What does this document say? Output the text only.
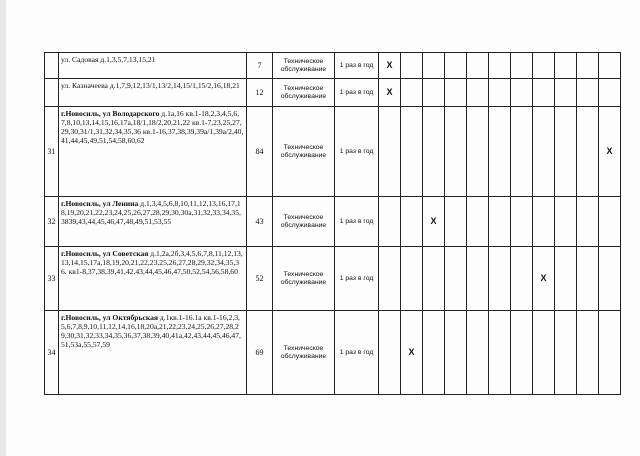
	ул. Садовая д.1,3,5,7,13,15,21	7	Техническое обслуживание	1 раз в год	X										
	ул. Казначеева д.1,7,9,12,13/1,13/2,14,15/1,15/2,16,18,21	12	Техническое обслуживание	1 раз в год	X										
31	г.Новосиль, ул Володарского д.1а,16 кв.1-18,2,3,4,5,6,7,8,10,13,14,15,16,17а,18/1,18/2,20,21,22 кв.1-7,23,25,27,29,30,31/1,31,32,34,35,36 кв.1-16,37,38,39,39а/1,39а/2,40,41,44,45,49,51,54,58,60,62	84	Техническое обслуживание	1 раз в год											X
32	г.Новосиль, ул Ленина д.1,3,4,5,6,8,10,11,12,13,16,17,18,19,20,21,22,23,24,25,26,27,28,29,30,30а,31,32,33,34,35,3839,43,44,45,46,47,48,49,51,53,55	43	Техническое обслуживание	1 раз в год			X								
33	г.Новосиль, ул Советская д.1,2а,2б,3,4,5,6,7,8,11,12,13,13,14,15,17а,18,19,20,21,22,23,25,26,27,28,29,32,34,35,36. кв1-8,37,38,39,41,42,43,44,45,46,47,50,52,54,56,58,60	52	Техническое обслуживание	1 раз в год								X			
34	г.Новосиль, ул Октябрьская д.1кв.1-16.1а кв.1-16,2,3,5,6,7,8,9,10,11,12,14,16,18,20а,21,22,23,24,25,26,27,28,29,30,31,32,33,34,35,36,37,38,39,40,41а,42,43,44,45,46,47,51,53а,55,57,59	69	Техническое обслуживание	1 раз в год		X									
